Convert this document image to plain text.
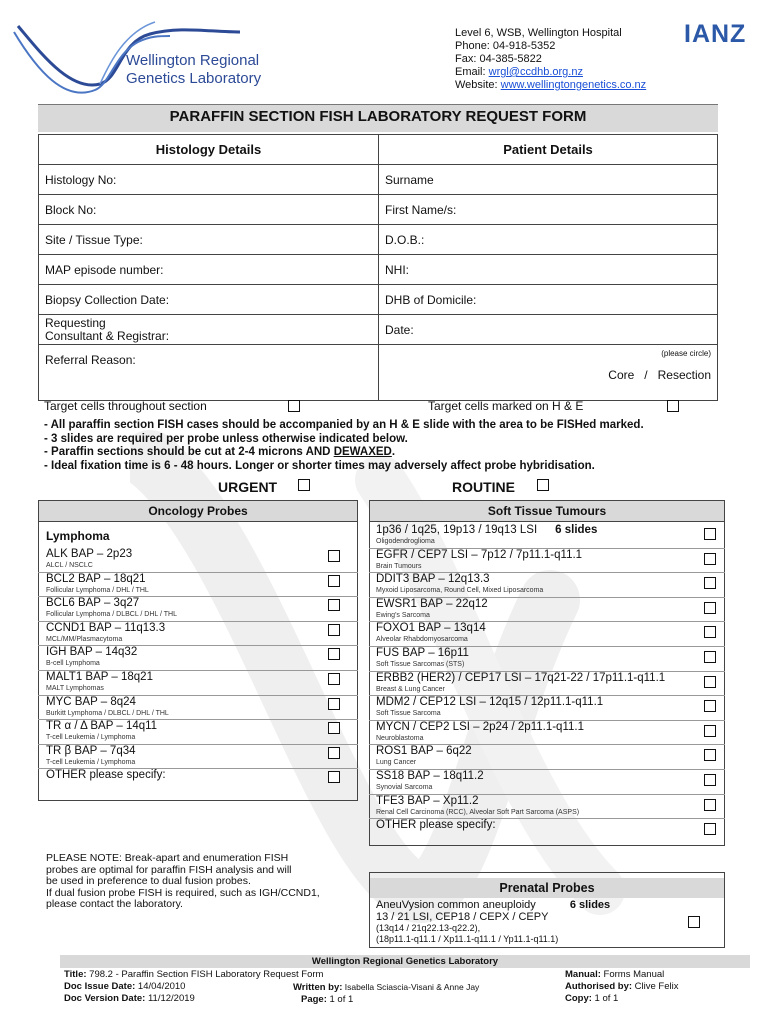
Wellington Regional
Genetics Laboratory
Level 6, WSB, Wellington Hospital
Phone: 04-918-5352
Fax: 04-385-5822
Email: wrgl@ccdhb.org.nz
Website: www.wellingtongenetics.co.nz
IANZ
PARAFFIN SECTION FISH LABORATORY REQUEST FORM
Histology Details	Patient Details
Histology No:	Surname
Block No:	First Name/s:
Site / Tissue Type:	D.O.B.:
MAP episode number:	NHI:
Biopsy Collection Date:	DHB of Domicile:

Requesting
Consultant & Registrar:	Date:
Referral Reason:	(please circle)
Core   /   Resection
Target cells throughout section	Target cells marked on H & E
- All paraffin section FISH cases should be accompanied by an H & E slide with the area to be FISHed marked.
- 3 slides are required per probe unless otherwise indicated below.
- Paraffin sections should be cut at 2-4 microns AND DEWAXED.
- Ideal fixation time is 6 - 48 hours. Longer or shorter times may adversely affect probe hybridisation.
URGENT	ROUTINE
Oncology Probes
Lymphoma
ALK BAP – 2p23
ALCL / NSCLC
BCL2 BAP – 18q21
Follicular Lymphoma / DHL / THL
BCL6 BAP – 3q27
Follicular Lymphoma / DLBCL / DHL / THL
CCND1 BAP – 11q13.3
MCL/MM/Plasmacytoma
IGH BAP – 14q32
B-cell Lymphoma
MALT1 BAP – 18q21
MALT Lymphomas
MYC BAP – 8q24
Burkitt Lymphoma / DLBCL / DHL / THL
TR α / Δ BAP – 14q11
T-cell Leukemia / Lymphoma
TR β BAP – 7q34
T-cell Leukemia / Lymphoma
OTHER please specify:
Soft Tissue Tumours
1p36 / 1q25, 19p13 / 19q13 LSI 6 slides
Oligodendroglioma
EGFR / CEP7 LSI – 7p12 / 7p11.1-q11.1
Brain Tumours
DDIT3 BAP – 12q13.3
Myxoid Liposarcoma, Round Cell, Mixed Liposarcoma
EWSR1 BAP – 22q12
Ewing's Sarcoma
FOXO1 BAP – 13q14
Alveolar Rhabdomyosarcoma
FUS BAP – 16p11
Soft Tissue Sarcomas (STS)
ERBB2 (HER2) / CEP17 LSI – 17q21-22 / 17p11.1-q11.1
Breast & Lung Cancer
MDM2 / CEP12 LSI – 12q15 / 12p11.1-q11.1
Soft Tissue Sarcoma
MYCN / CEP2 LSI – 2p24 / 2p11.1-q11.1
Neuroblastoma
ROS1 BAP – 6q22
Lung Cancer
SS18 BAP – 18q11.2
Synovial Sarcoma
TFE3 BAP – Xp11.2
Renal Cell Carcinoma (RCC), Alveolar Soft Part Sarcoma (ASPS)
OTHER please specify:
PLEASE NOTE: Break-apart and enumeration FISH
probes are optimal for paraffin FISH analysis and will
be used in preference to dual fusion probes.
If dual fusion probe FISH is required, such as IGH/CCND1,
please contact the laboratory.
Prenatal Probes
AneuVysion common aneuploidy	6 slides
13 / 21 LSI, CEP18 / CEPX / CEPY
(13q14 / 21q22.13-q22.2),
(18p11.1-q11.1 / Xp11.1-q11.1 / Yp11.1-q11.1)
Wellington Regional Genetics Laboratory
Title: 798.2 - Paraffin Section FISH Laboratory Request Form
Doc Issue Date: 14/04/2010
Doc Version Date: 11/12/2019
Written by: Isabella Sciascia-Visani & Anne Jay
Page: 1 of 1
Manual: Forms Manual
Authorised by: Clive Felix
Copy: 1 of 1
